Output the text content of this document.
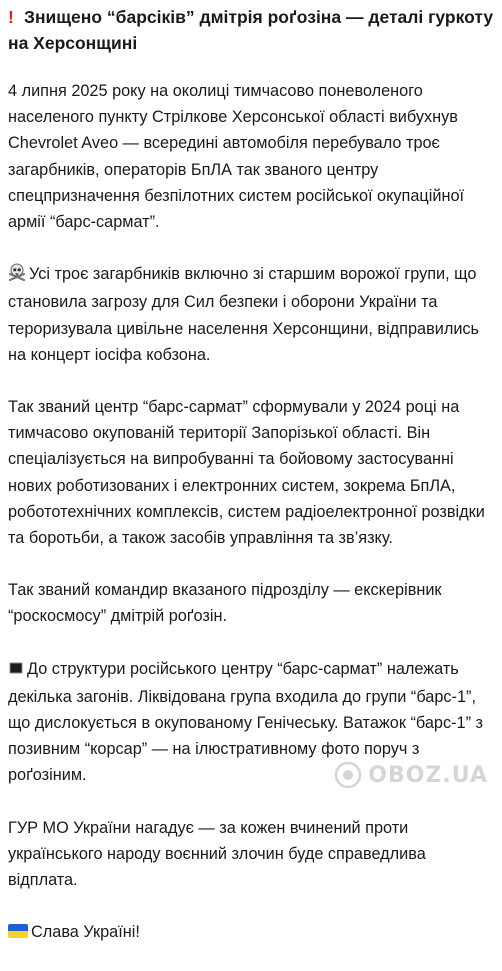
! Знищено “барсіків” дмітрія роґозіна — деталі гуркоту на Херсонщині
4 липня 2025 року на околиці тимчасово поневоленого населеного пункту Стрілкове Херсонської області вибухнув Chevrolet Aveo — всередині автомобіля перебувало троє загарбників, операторів БпЛА так званого центру спецпризначення безпілотних систем російської окупаційної армії “барс-сармат”.
Усі троє загарбників включно зі старшим ворожої групи, що становила загрозу для Сил безпеки і оборони України та тероризувала цивільне населення Херсонщини, відправились на концерт іосіфа кобзона.
Так званий центр “барс-сармат” сформували у 2024 році на тимчасово окупованій території Запорізької області. Він спеціалізується на випробуванні та бойовому застосуванні нових роботизованих і електронних систем, зокрема БпЛА, робототехнічних комплексів, систем радіоелектронної розвідки та боротьби, а також засобів управління та зв’язку.
Так званий командир вказаного підрозділу — екскерівник “роскосмосу” дмітрій роґозін.
До структури російського центру “барс-сармат” належать декілька загонів. Ліквідована група входила до групи “барс-1”, що дислокується в окупованому Генічеську. Ватажок “барс-1” з позивним “корсар” — на ілюстративному фото поруч з роґозіним.
ГУР МО України нагадує — за кожен вчинений проти українського народу воєнний злочин буде справедлива відплата.
Слава Україні!
OBOZ.UA
